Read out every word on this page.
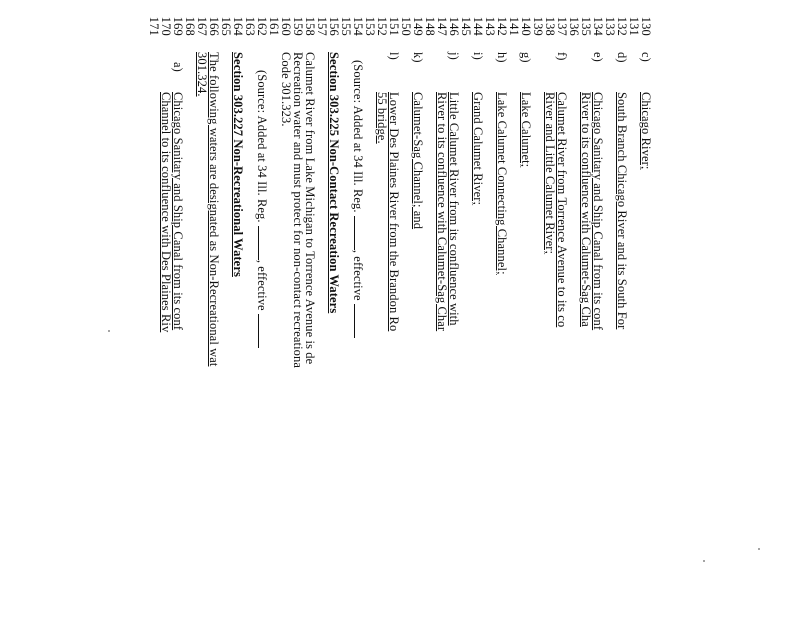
130
131
132
133
134
135
136
137
138
139
140
141
142
143
144
145
146
147
148
149
150
151
152
153
154
155
156
157
158
159
160
161
162
163
164
165
166
167
168
169
170
171
c)
Chicago River;
d)
South Branch Chicago River and its South For
e)
Chicago Sanitary and Ship Canal from its conf
River to its confluence with Calumet-Sag Cha
f)
Calumet River from Torrence Avenue to its co
River and Little Calumet River;
g)
Lake Calumet;
h)
Lake Calumet Connecting Channel;
i)
Grand Calumet River;
j)
Little Calumet River from its confluence with
River to its confluence with Calumet-Sag Char
k)
Calumet-Sag Channel; and
l)
Lower Des Plaines River from the Brandon Ro
55 bridge.
(Source: Added at 34 Ill. Reg. , effective
Section 303.225 Non-Contact Recreation Waters
Calumet River from Lake Michigan to Torrence Avenue is de
Recreation water and must protect for non-contact recreationa
Code 301.323.
(Source: Added at 34 Ill. Reg. , effective
Section 303.227 Non-Recreational Waters
The following waters are designated as Non-Recreational wat
301.324.
a)
Chicago Sanitary and Ship Canal from its conf
Channel to its confluence with Des Plaines Riv
